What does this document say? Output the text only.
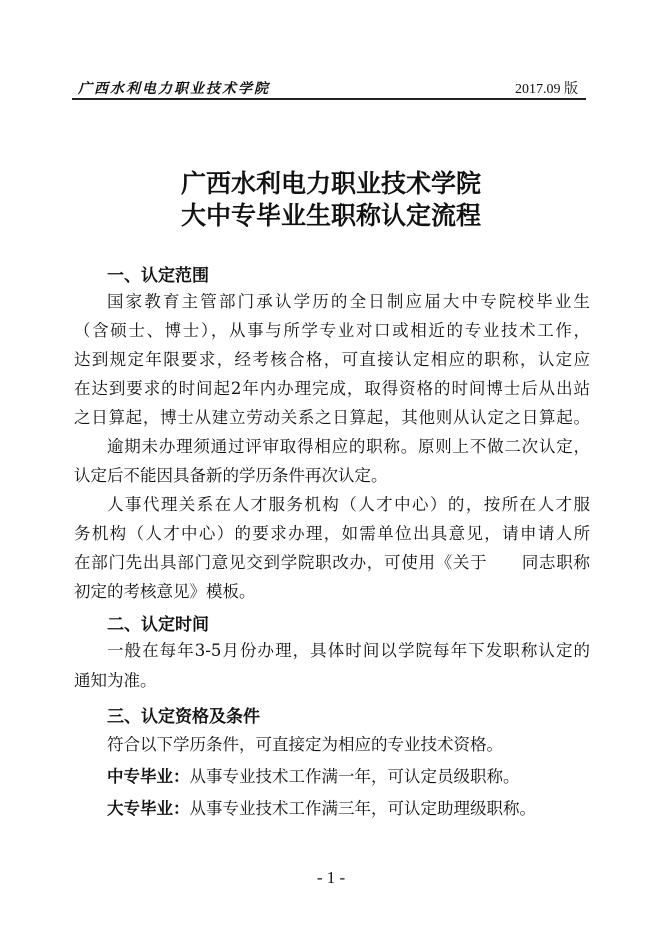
广西水利电力职业技术学院	2017.09 版
广西水利电力职业技术学院
大中专毕业生职称认定流程
一、认定范围
国家教育主管部门承认学历的全日制应届大中专院校毕业生
（含硕士、博士），从事与所学专业对口或相近的专业技术工作，
达到规定年限要求，经考核合格，可直接认定相应的职称，认定应
在达到要求的时间起2年内办理完成，取得资格的时间博士后从出站
之日算起，博士从建立劳动关系之日算起，其他则从认定之日算起。
逾期未办理须通过评审取得相应的职称。原则上不做二次认定，
认定后不能因具备新的学历条件再次认定。
人事代理关系在人才服务机构（人才中心）的，按所在人才服
务机构（人才中心）的要求办理，如需单位出具意见，请申请人所
在部门先出具部门意见交到学院职改办，可使用《关于　　同志职称
初定的考核意见》模板。
二、认定时间
一般在每年3-5月份办理，具体时间以学院每年下发职称认定的
通知为准。
三、认定资格及条件
符合以下学历条件，可直接定为相应的专业技术资格。
中专毕业：从事专业技术工作满一年，可认定员级职称。
大专毕业：从事专业技术工作满三年，可认定助理级职称。
- 1 -
